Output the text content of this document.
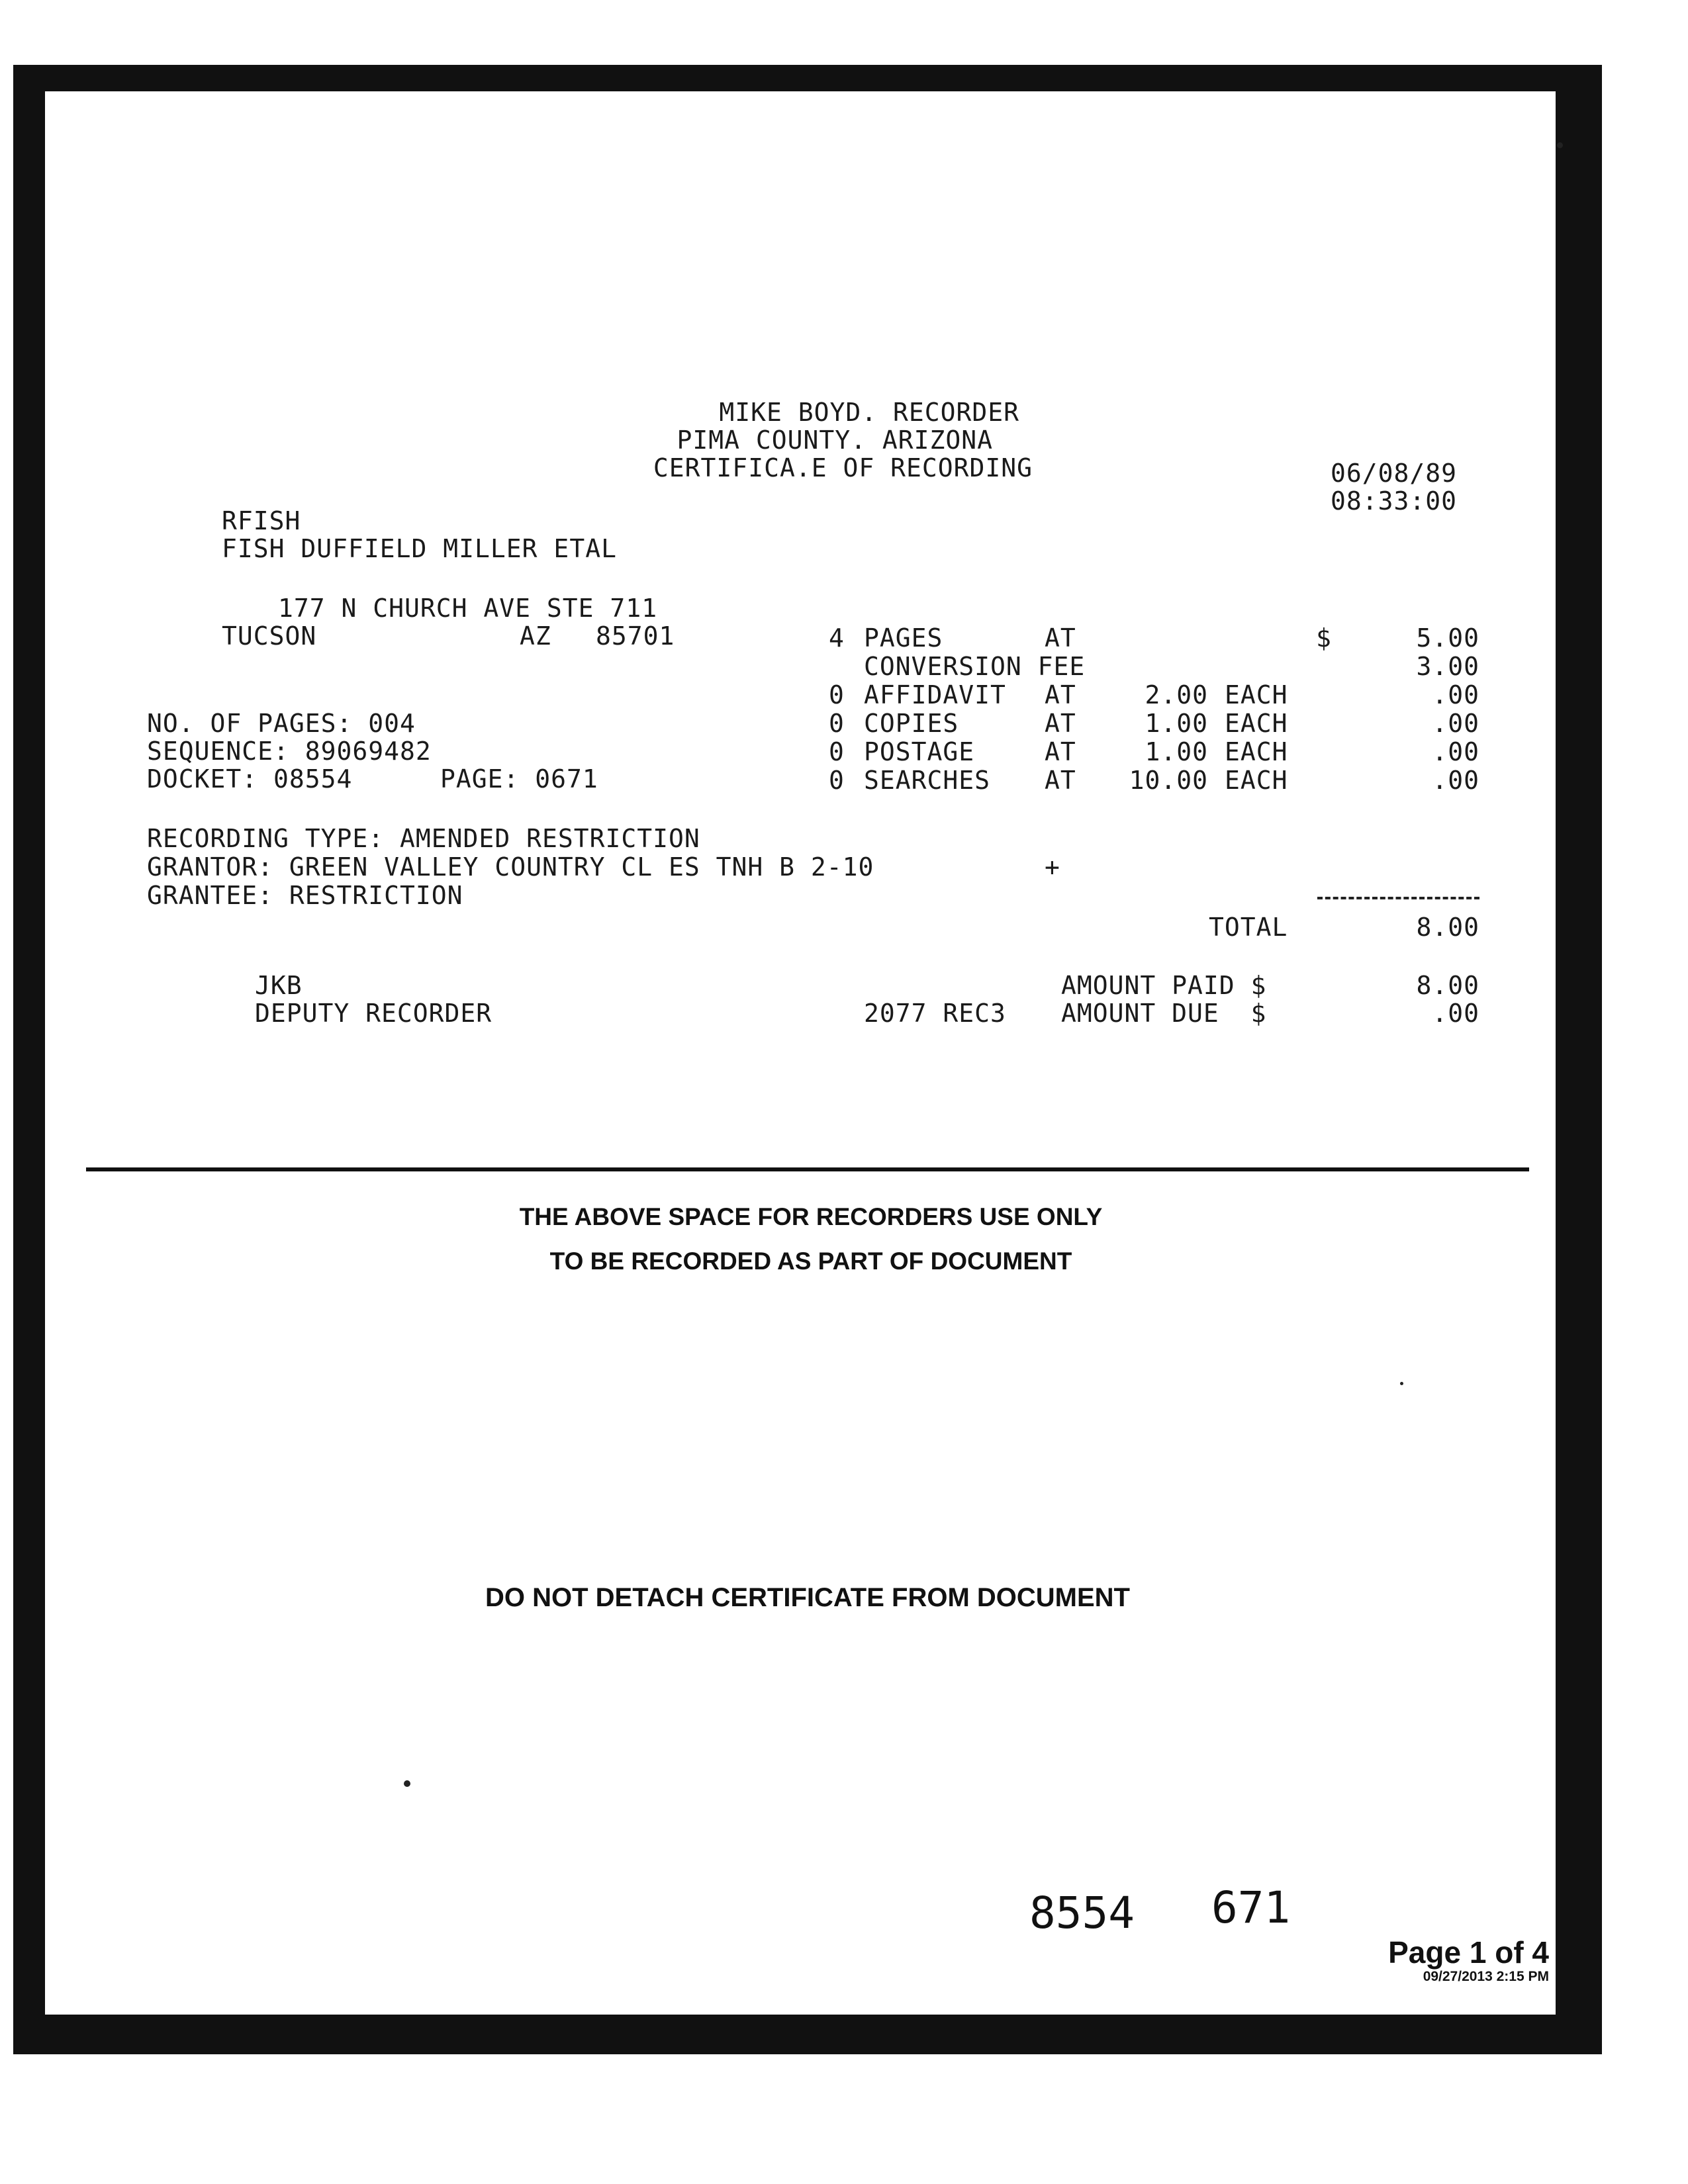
MIKE BOYD. RECORDER
PIMA COUNTY. ARIZONA
CERTIFICA.E OF RECORDING	06/08/89
08:33:00
RFISH
FISH DUFFIELD MILLER ETAL
177 N CHURCH AVE STE 711
TUCSON	AZ 85701
NO. OF PAGES: 004
SEQUENCE: 89069482
DOCKET: 08554	PAGE: 0671
4 PAGES	AT	$	5.00
CONVERSION FEE	3.00
0 AFFIDAVIT AT	2.00 EACH	.00
0 COPIES	AT	1.00 EACH	.00
0 POSTAGE	AT	1.00 EACH	.00
0 SEARCHES AT	10.00 EACH	.00
RECORDING TYPE: AMENDED RESTRICTION
GRANTOR: GREEN VALLEY COUNTRY CL ES TNH B 2-10	+
GRANTEE: RESTRICTION
TOTAL	8.00
JKB
DEPUTY RECORDER
AMOUNT PAID $	8.00
2077 REC3 AMOUNT DUE  $	.00
THE ABOVE SPACE FOR RECORDERS USE ONLY
TO BE RECORDED AS PART OF DOCUMENT
DO NOT DETACH CERTIFICATE FROM DOCUMENT
8554 671
Page 1 of 4
09/27/2013 2:15 PM
